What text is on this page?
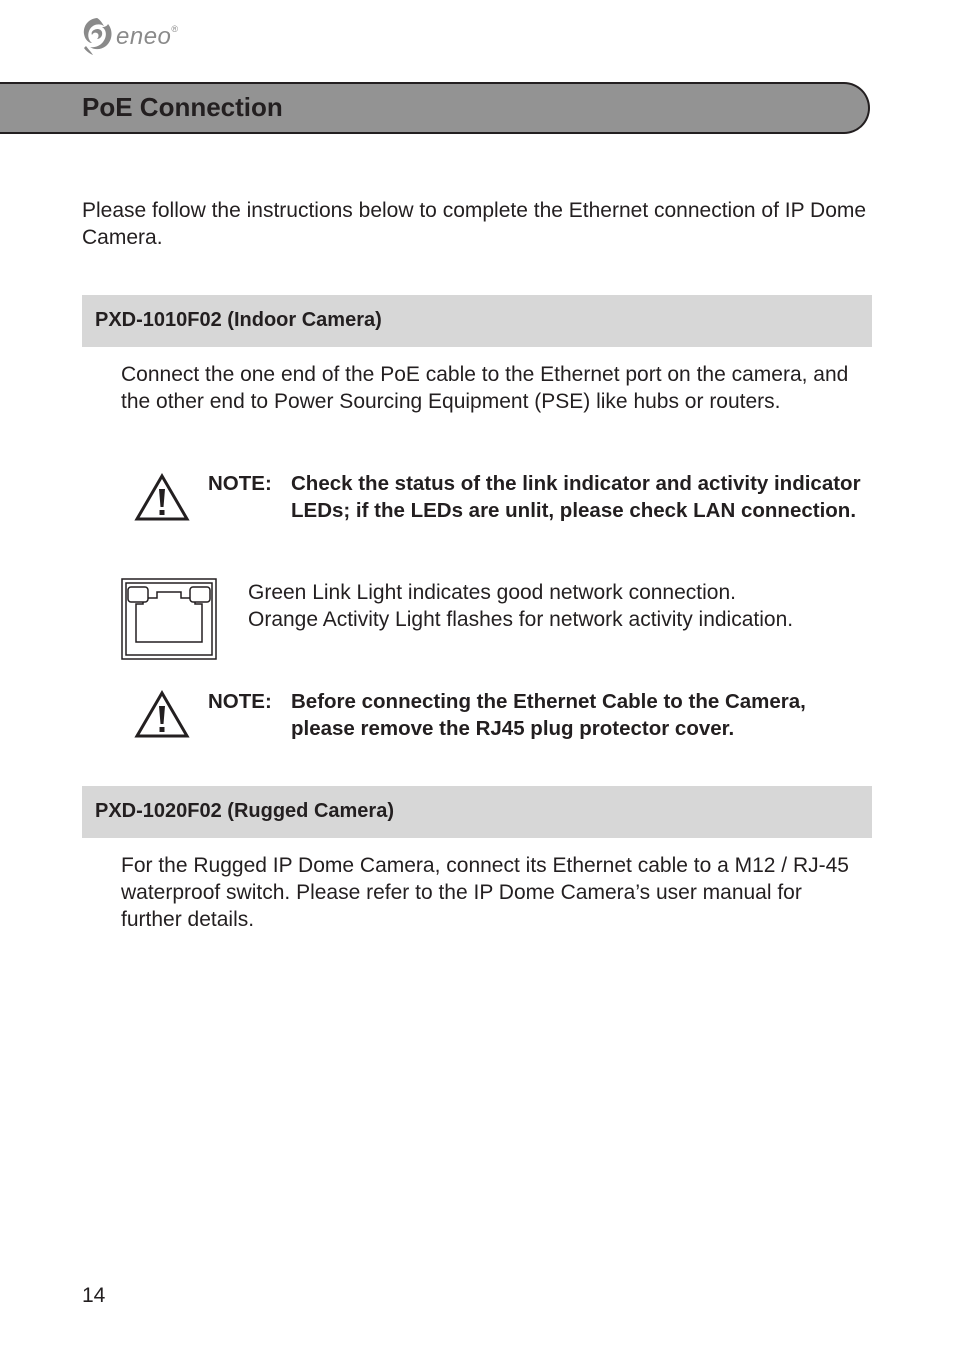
eneo ®
PoE Connection
Please follow the instructions below to complete the Ethernet connection of IP Dome Camera.
PXD-1010F02 (Indoor Camera)
Connect the one end of the PoE cable to the Ethernet port on the camera, and the other end to Power Sourcing Equipment (PSE) like hubs or routers.
NOTE: Check the status of the link indicator and activity indicator LEDs; if the LEDs are unlit, please check LAN connection.
Green Link Light indicates good network connection.
Orange Activity Light flashes for network activity indication.
NOTE: Before connecting the Ethernet Cable to the Camera, please remove the RJ45 plug protector cover.
PXD-1020F02 (Rugged Camera)
For the Rugged IP Dome Camera, connect its Ethernet cable to a M12 / RJ-45 waterproof switch. Please refer to the IP Dome Camera’s user manual for further details.
14
